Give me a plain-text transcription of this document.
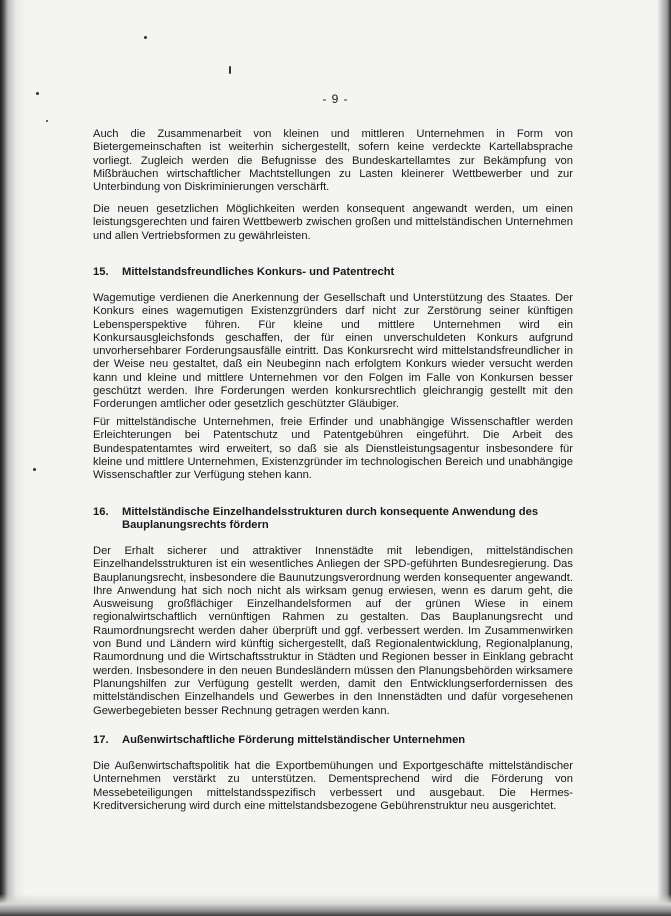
- 9 -

Auch die Zusammenarbeit von kleinen und mittleren Unternehmen in Form von Bietergemeinschaften ist weiterhin sichergestellt, sofern keine verdeckte Kartellabsprache vorliegt. Zugleich werden die Befugnisse des Bundeskartellamtes zur Bekämpfung von Mißbräuchen wirtschaftlicher Machtstellungen zu Lasten kleinerer Wettbewerber und zur Unterbindung von Diskriminierungen verschärft.

Die neuen gesetzlichen Möglichkeiten werden konsequent angewandt werden, um einen leistungsgerechten und fairen Wettbewerb zwischen großen und mittelständischen Unternehmen und allen Vertriebsformen zu gewährleisten.

15.	Mittelstandsfreundliches Konkurs- und Patentrecht

Wagemutige verdienen die Anerkennung der Gesellschaft und Unterstützung des Staates. Der Konkurs eines wagemutigen Existenzgründers darf nicht zur Zerstörung seiner künftigen Lebensperspektive führen. Für kleine und mittlere Unternehmen wird ein Konkursausgleichsfonds geschaffen, der für einen unverschuldeten Konkurs aufgrund unvorhersehbarer Forderungsausfälle eintritt. Das Konkursrecht wird mittelstandsfreundlicher in der Weise neu gestaltet, daß ein Neubeginn nach erfolgtem Konkurs wieder versucht werden kann und kleine und mittlere Unternehmen vor den Folgen im Falle von Konkursen besser geschützt werden. Ihre Forderungen werden konkursrechtlich gleichrangig gestellt mit den Forderungen amtlicher oder gesetzlich geschützter Gläubiger.

Für mittelständische Unternehmen, freie Erfinder und unabhängige Wissenschaftler werden Erleichterungen bei Patentschutz und Patentgebühren eingeführt. Die Arbeit des Bundespatentamtes wird erweitert, so daß sie als Dienstleistungsagentur insbesondere für kleine und mittlere Unternehmen, Existenzgründer im technologischen Bereich und unabhängige Wissenschaftler zur Verfügung stehen kann.

16.	Mittelständische Einzelhandelsstrukturen durch konsequente Anwendung des Bauplanungsrechts fördern

Der Erhalt sicherer und attraktiver Innenstädte mit lebendigen, mittelständischen Einzelhandelsstrukturen ist ein wesentliches Anliegen der SPD-geführten Bundesregierung. Das Bauplanungsrecht, insbesondere die Baunutzungsverordnung werden konsequenter angewandt. Ihre Anwendung hat sich noch nicht als wirksam genug erwiesen, wenn es darum geht, die Ausweisung großflächiger Einzelhandelsformen auf der grünen Wiese in einem regionalwirtschaftlich vernünftigen Rahmen zu gestalten. Das Bauplanungsrecht und Raumordnungsrecht werden daher überprüft und ggf. verbessert werden. Im Zusammenwirken von Bund und Ländern wird künftig sichergestellt, daß Regionalentwicklung, Regionalplanung, Raumordnung und die Wirtschaftsstruktur in Städten und Regionen besser in Einklang gebracht werden. Insbesondere in den neuen Bundesländern müssen den Planungsbehörden wirksamere Planungshilfen zur Verfügung gestellt werden, damit den Entwicklungserfordernissen des mittelständischen Einzelhandels und Gewerbes in den Innenstädten und dafür vorgesehenen Gewerbegebieten besser Rechnung getragen werden kann.

17.	Außenwirtschaftliche Förderung mittelständischer Unternehmen

Die Außenwirtschaftspolitik hat die Exportbemühungen und Exportgeschäfte mittelständischer Unternehmen verstärkt zu unterstützen. Dementsprechend wird die Förderung von Messebeteiligungen mittelstandsspezifisch verbessert und ausgebaut. Die Hermes-Kreditversicherung wird durch eine mittelstandsbezogene Gebührenstruktur neu ausgerichtet.
